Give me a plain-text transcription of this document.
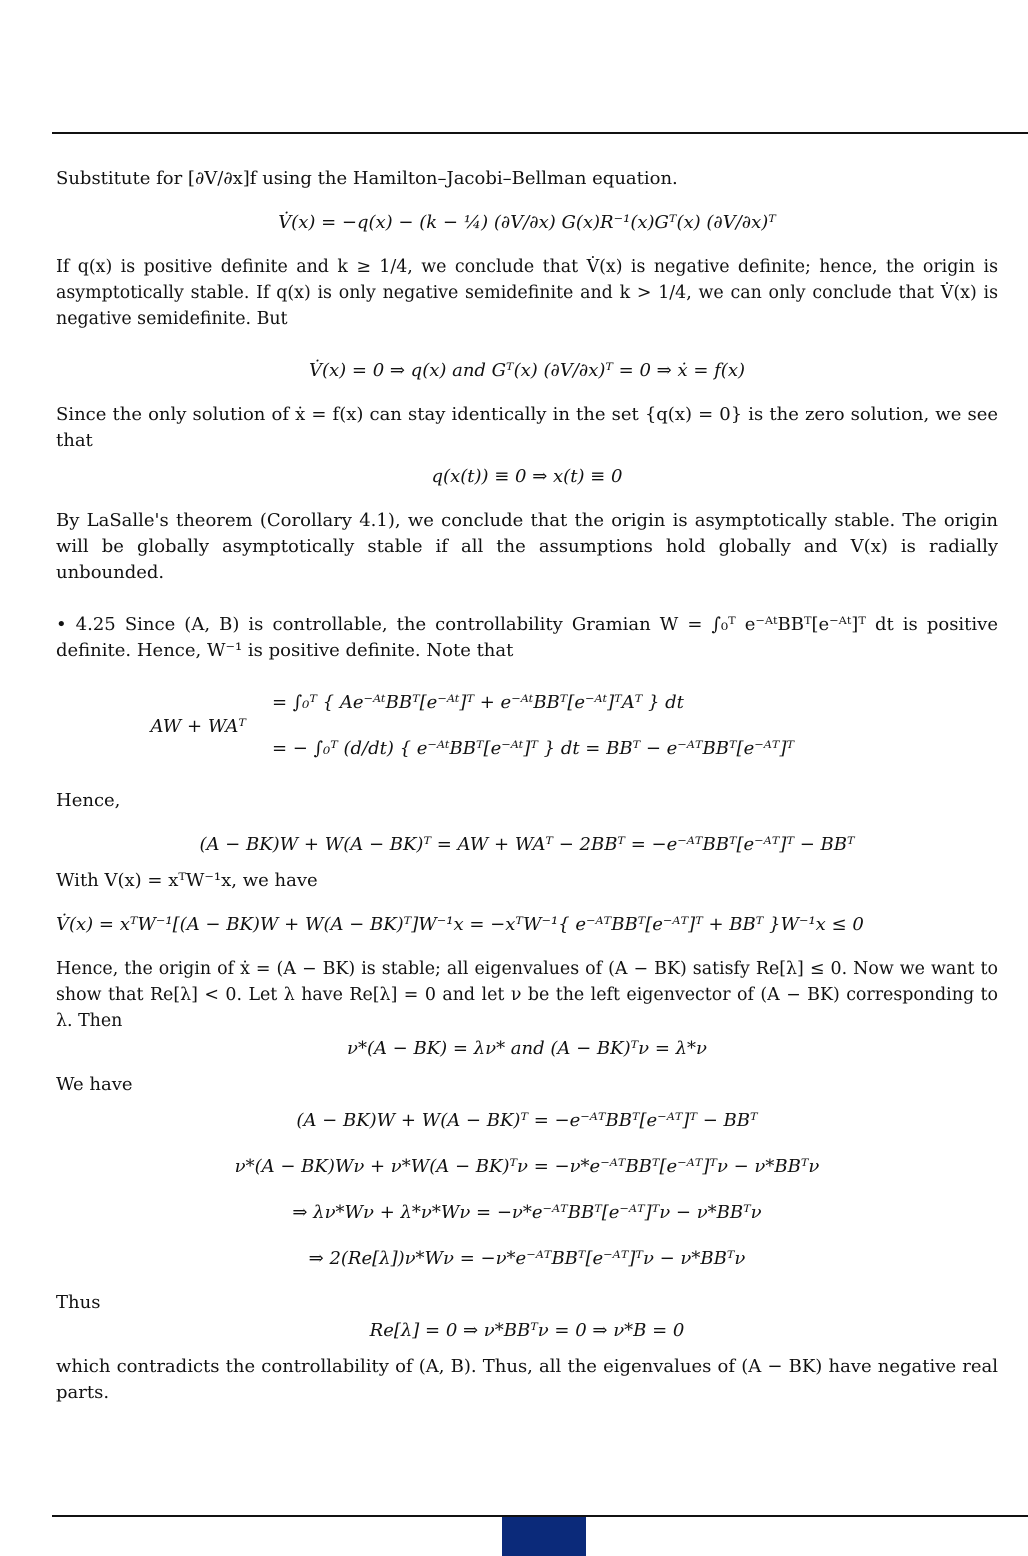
Substitute for [∂V/∂x]f using the Hamilton–Jacobi–Bellman equation.

V̇(x) = −q(x) − (k − ¼) (∂V/∂x) G(x)R⁻¹(x)Gᵀ(x) (∂V/∂x)ᵀ

If q(x) is positive definite and k ≥ 1/4, we conclude that V̇(x) is negative definite; hence, the origin is asymptotically stable. If q(x) is only negative semidefinite and k > 1/4, we can only conclude that V̇(x) is negative semidefinite. But

V̇(x) = 0 ⇒ q(x) and Gᵀ(x) (∂V/∂x)ᵀ = 0 ⇒ ẋ = f(x)

Since the only solution of ẋ = f(x) can stay identically in the set {q(x) = 0} is the zero solution, we see that

q(x(t)) ≡ 0 ⇒ x(t) ≡ 0

By LaSalle's theorem (Corollary 4.1), we conclude that the origin is asymptotically stable. The origin will be globally asymptotically stable if all the assumptions hold globally and V(x) is radially unbounded.

• 4.25 Since (A, B) is controllable, the controllability Gramian W = ∫₀ᵀ e⁻ᴬᵗBBᵀ[e⁻ᴬᵗ]ᵀ dt is positive definite. Hence, W⁻¹ is positive definite. Note that

AW + WAᵀ
= ∫₀ᵀ { Ae⁻ᴬᵗBBᵀ[e⁻ᴬᵗ]ᵀ + e⁻ᴬᵗBBᵀ[e⁻ᴬᵗ]ᵀAᵀ } dt
= − ∫₀ᵀ (d/dt) { e⁻ᴬᵗBBᵀ[e⁻ᴬᵗ]ᵀ } dt = BBᵀ − e⁻ᴬᵀBBᵀ[e⁻ᴬᵀ]ᵀ

Hence,

(A − BK)W + W(A − BK)ᵀ = AW + WAᵀ − 2BBᵀ = −e⁻ᴬᵀBBᵀ[e⁻ᴬᵀ]ᵀ − BBᵀ

With V(x) = xᵀW⁻¹x, we have

V̇(x) = xᵀW⁻¹[(A − BK)W + W(A − BK)ᵀ]W⁻¹x = −xᵀW⁻¹{ e⁻ᴬᵀBBᵀ[e⁻ᴬᵀ]ᵀ + BBᵀ }W⁻¹x ≤ 0

Hence, the origin of ẋ = (A − BK) is stable; all eigenvalues of (A − BK) satisfy Re[λ] ≤ 0. Now we want to show that Re[λ] < 0. Let λ have Re[λ] = 0 and let ν be the left eigenvector of (A − BK) corresponding to λ. Then

ν*(A − BK) = λν* and (A − BK)ᵀν = λ*ν

We have

(A − BK)W + W(A − BK)ᵀ = −e⁻ᴬᵀBBᵀ[e⁻ᴬᵀ]ᵀ − BBᵀ

ν*(A − BK)Wν + ν*W(A − BK)ᵀν = −ν*e⁻ᴬᵀBBᵀ[e⁻ᴬᵀ]ᵀν − ν*BBᵀν

⇒ λν*Wν + λ*ν*Wν = −ν*e⁻ᴬᵀBBᵀ[e⁻ᴬᵀ]ᵀν − ν*BBᵀν

⇒ 2(Re[λ])ν*Wν = −ν*e⁻ᴬᵀBBᵀ[e⁻ᴬᵀ]ᵀν − ν*BBᵀν

Thus

Re[λ] = 0 ⇒ ν*BBᵀν = 0 ⇒ ν*B = 0

which contradicts the controllability of (A, B). Thus, all the eigenvalues of (A − BK) have negative real parts.
